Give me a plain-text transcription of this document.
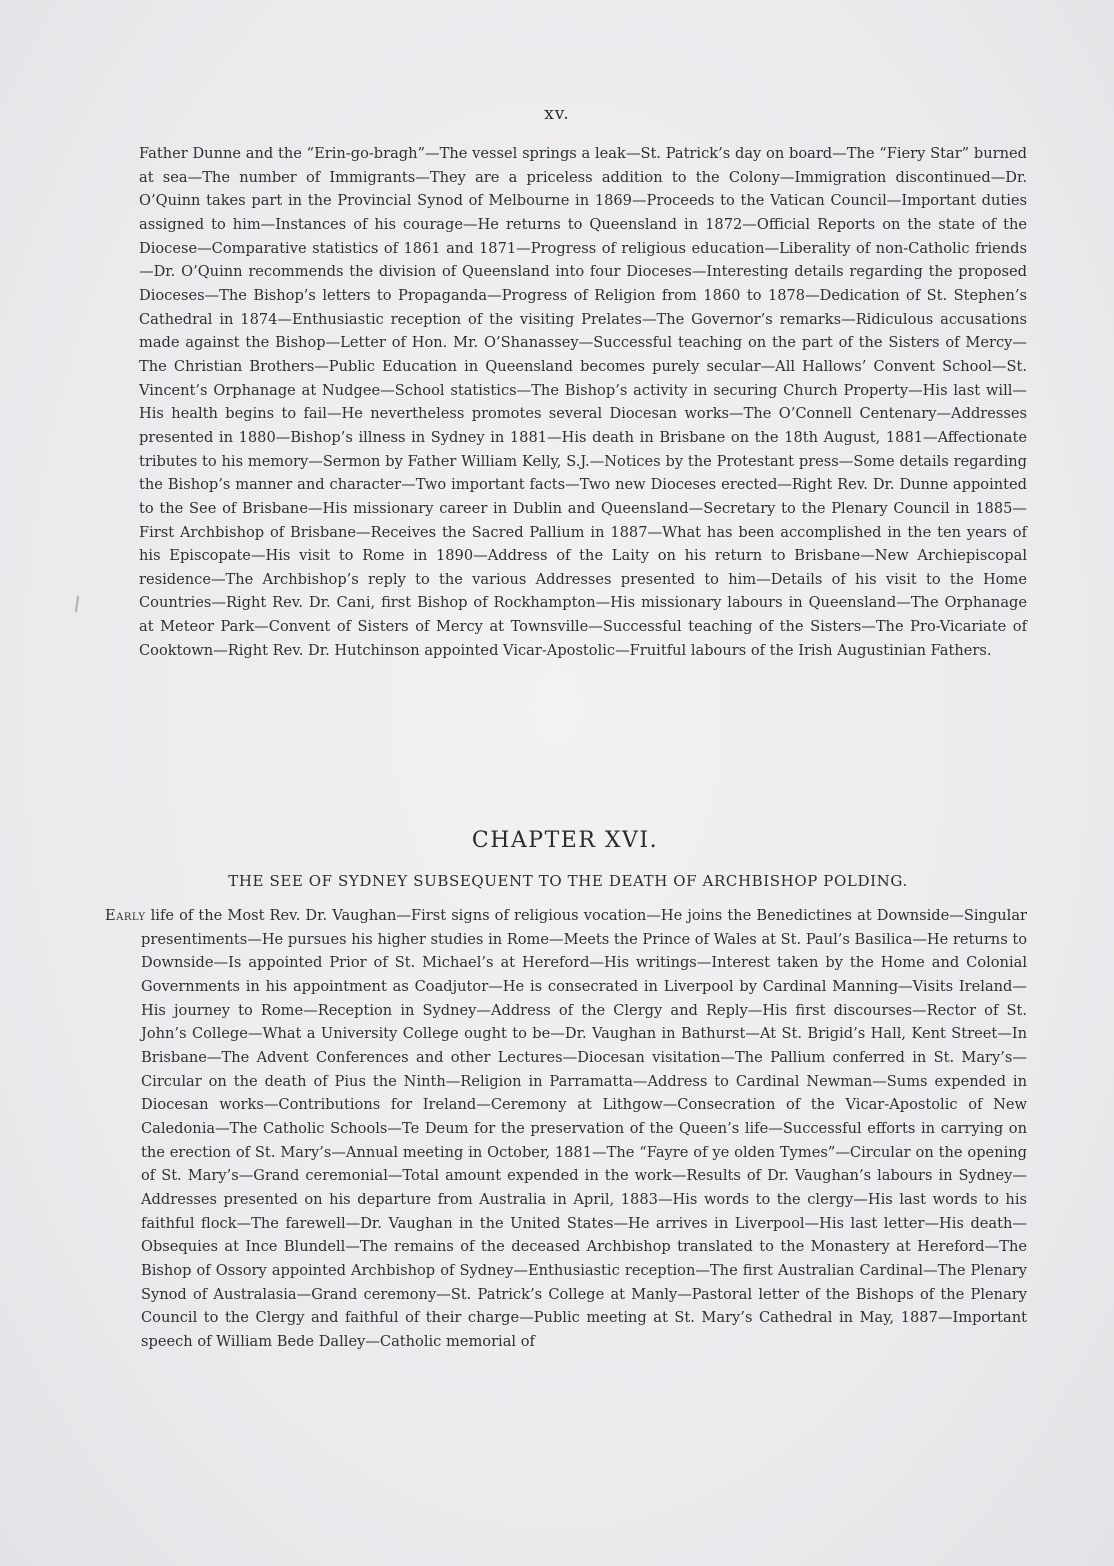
xv.

Father Dunne and the “Erin-go-bragh”—The vessel springs a leak—St. Patrick’s day on board—The “Fiery Star” burned at sea—The number of Immigrants—They are a priceless addition to the Colony—Immigration discontinued—Dr. O’Quinn takes part in the Provincial Synod of Melbourne in 1869—Proceeds to the Vatican Council—Important duties assigned to him—Instances of his courage—He returns to Queensland in 1872—Official Reports on the state of the Diocese—Comparative statistics of 1861 and 1871—Progress of religious education—Liberality of non-Catholic friends—Dr. O’Quinn recommends the division of Queensland into four Dioceses—Interesting details regarding the proposed Dioceses—The Bishop’s letters to Propaganda—Progress of Religion from 1860 to 1878—Dedication of St. Stephen’s Cathedral in 1874—Enthusiastic reception of the visiting Prelates—The Governor’s remarks—Ridiculous accusations made against the Bishop—Letter of Hon. Mr. O’Shanassey—Successful teaching on the part of the Sisters of Mercy—The Christian Brothers—Public Education in Queensland becomes purely secular—All Hallows’ Convent School—St. Vincent’s Orphanage at Nudgee—School statistics—The Bishop’s activity in securing Church Property—His last will—His health begins to fail—He nevertheless promotes several Diocesan works—The O’Connell Centenary—Addresses presented in 1880—Bishop’s illness in Sydney in 1881—His death in Brisbane on the 18th August, 1881—Affectionate tributes to his memory—Sermon by Father William Kelly, S.J.—Notices by the Protestant press—Some details regarding the Bishop’s manner and character—Two important facts—Two new Dioceses erected—Right Rev. Dr. Dunne appointed to the See of Brisbane—His missionary career in Dublin and Queensland—Secretary to the Plenary Council in 1885—First Archbishop of Brisbane—Receives the Sacred Pallium in 1887—What has been accomplished in the ten years of his Episcopate—His visit to Rome in 1890—Address of the Laity on his return to Brisbane—New Archiepiscopal residence—The Archbishop’s reply to the various Addresses presented to him—Details of his visit to the Home Countries—Right Rev. Dr. Cani, first Bishop of Rockhampton—His missionary labours in Queensland—The Orphanage at Meteor Park—Convent of Sisters of Mercy at Townsville—Successful teaching of the Sisters—The Pro-Vicariate of Cooktown—Right Rev. Dr. Hutchinson appointed Vicar-Apostolic—Fruitful labours of the Irish Augustinian Fathers.

CHAPTER XVI.
THE SEE OF SYDNEY SUBSEQUENT TO THE DEATH OF ARCHBISHOP POLDING.

Early life of the Most Rev. Dr. Vaughan—First signs of religious vocation—He joins the Benedictines at Downside—Singular presentiments—He pursues his higher studies in Rome—Meets the Prince of Wales at St. Paul’s Basilica—He returns to Downside—Is appointed Prior of St. Michael’s at Hereford—His writings—Interest taken by the Home and Colonial Governments in his appointment as Coadjutor—He is consecrated in Liverpool by Cardinal Manning—Visits Ireland—His journey to Rome—Reception in Sydney—Address of the Clergy and Reply—His first discourses—Rector of St. John’s College—What a University College ought to be—Dr. Vaughan in Bathurst—At St. Brigid’s Hall, Kent Street—In Brisbane—The Advent Conferences and other Lectures—Diocesan visitation—The Pallium conferred in St. Mary’s—Circular on the death of Pius the Ninth—Religion in Parramatta—Address to Cardinal Newman—Sums expended in Diocesan works—Contributions for Ireland—Ceremony at Lithgow—Consecration of the Vicar-Apostolic of New Caledonia—The Catholic Schools—Te Deum for the preservation of the Queen’s life—Successful efforts in carrying on the erection of St. Mary’s—Annual meeting in October, 1881—The “Fayre of ye olden Tymes”—Circular on the opening of St. Mary’s—Grand ceremonial—Total amount expended in the work—Results of Dr. Vaughan’s labours in Sydney—Addresses presented on his departure from Australia in April, 1883—His words to the clergy—His last words to his faithful flock—The farewell—Dr. Vaughan in the United States—He arrives in Liverpool—His last letter—His death—Obsequies at Ince Blundell—The remains of the deceased Archbishop translated to the Monastery at Hereford—The Bishop of Ossory appointed Archbishop of Sydney—Enthusiastic reception—The first Australian Cardinal—The Plenary Synod of Australasia—Grand ceremony—St. Patrick’s College at Manly—Pastoral letter of the Bishops of the Plenary Council to the Clergy and faithful of their charge—Public meeting at St. Mary’s Cathedral in May, 1887—Important speech of William Bede Dalley—Catholic memorial of
